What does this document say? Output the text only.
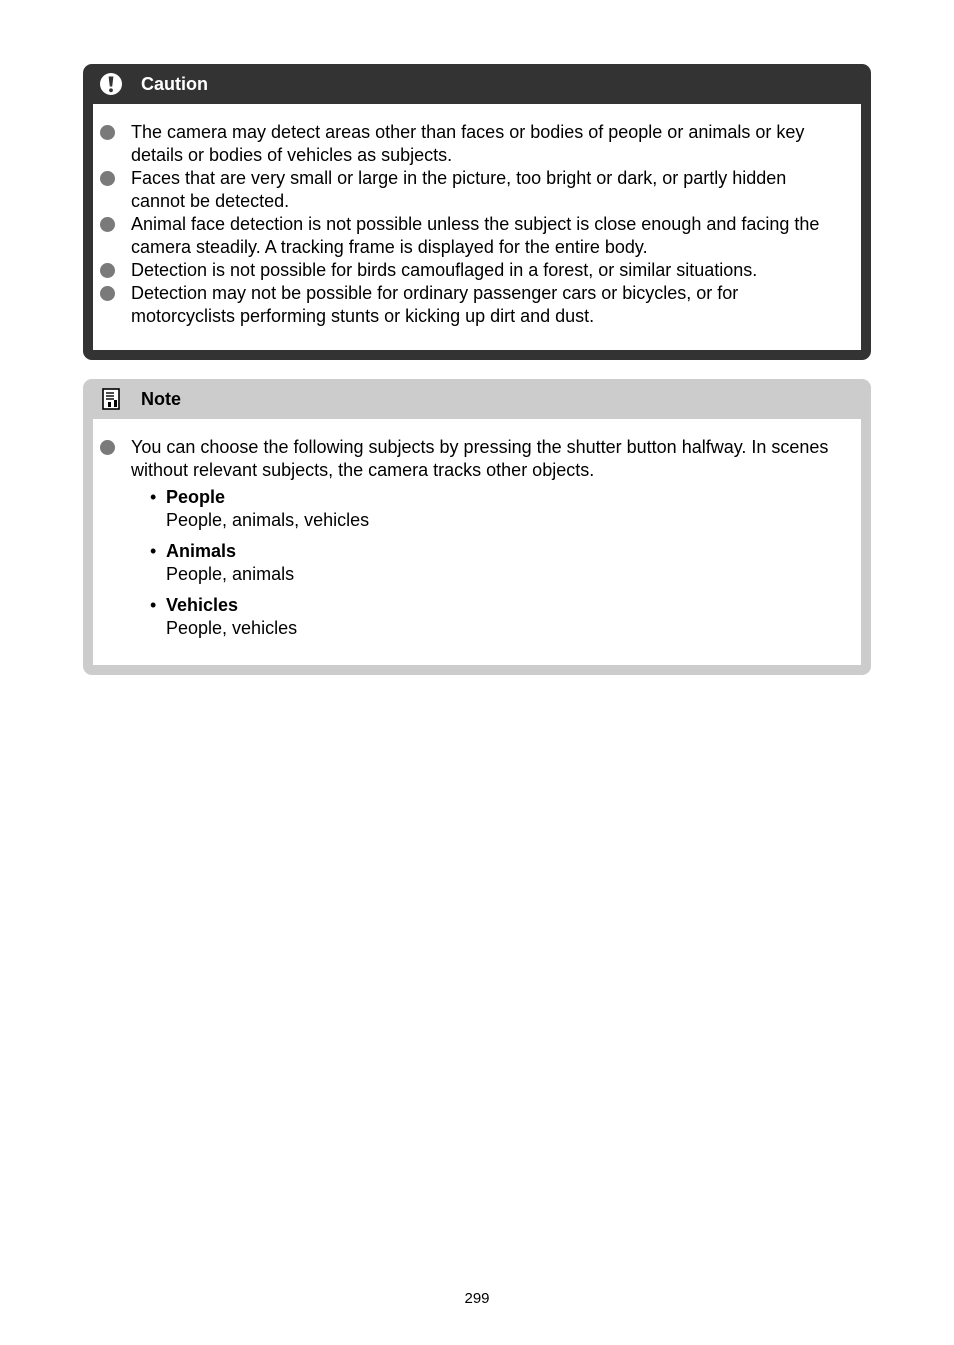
Caution
The camera may detect areas other than faces or bodies of people or animals or key details or bodies of vehicles as subjects.
Faces that are very small or large in the picture, too bright or dark, or partly hidden cannot be detected.
Animal face detection is not possible unless the subject is close enough and facing the camera steadily. A tracking frame is displayed for the entire body.
Detection is not possible for birds camouflaged in a forest, or similar situations.
Detection may not be possible for ordinary passenger cars or bicycles, or for motorcyclists performing stunts or kicking up dirt and dust.
Note
You can choose the following subjects by pressing the shutter button halfway. In scenes without relevant subjects, the camera tracks other objects.
• People
People, animals, vehicles
• Animals
People, animals
• Vehicles
People, vehicles
299
